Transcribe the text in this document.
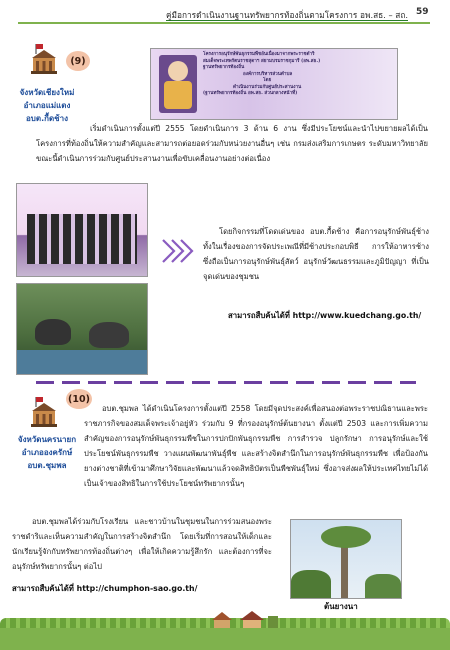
คู่มือการดำเนินงานฐานทรัพยากรท้องถิ่นตามโครงการ อพ.สธ. – สถ. 59
(9)
จังหวัดเชียงใหม่
อำเภอแม่แตง
อบต.กื้ดช้าง
โครงการอนุรักษ์พันธุกรรมพืชอันเนื่องมาจากพระราชดำริ
สมเด็จพระเทพรัตนราชสุดาฯ สยามบรมราชกุมารี (อพ.สธ.)
ฐานทรัพยากรท้องถิ่น
องค์การบริหารส่วนตำบล
โดย
ดำเนินงานร่วมกับศูนย์ประสานงาน
(ฐานทรัพยากรท้องถิ่น อพ.สธ. ส่วนกลางหน้าที่)
เริ่มดำเนินการตั้งแต่ปี 2555 โดยดำเนินการ 3 ด้าน 6 งาน ซึ่งมีประโยชน์และนำไปขยายผลได้เป็นโครงการที่ท้องถิ่นให้ความสำคัญและสามารถต่อยอดร่วมกับหน่วยงานอื่นๆ เช่น กรมส่งเสริมการเกษตร ระดับมหาวิทยาลัย ขณะนี้ดำเนินการร่วมกับศูนย์ประสานงานเพื่อขับเคลื่อนงานอย่างต่อเนื่อง
โดยกิจกรรมที่โดดเด่นของ อบต.กื้ดช้าง คือการอนุรักษ์พันธุ์ช้าง ทั้งในเรื่องของการจัดประเพณีที่มีช้างประกอบพิธี การให้อาหารช้าง ซึ่งถือเป็นการอนุรักษ์พันธุ์สัตว์ อนุรักษ์วัฒนธรรมและภูมิปัญญา ที่เป็นจุดเด่นของชุมชน
สามารถสืบค้นได้ที่ http://www.kuedchang.go.th/
(10)
จังหวัดนครนายก
อำเภอองครักษ์
อบต.ชุมพล
อบต.ชุมพล ได้ดำเนินโครงการตั้งแต่ปี 2558 โดยมีจุดประสงค์เพื่อสนองต่อพระราชปณิธานและพระราชภารกิจของสมเด็จพระเจ้าอยู่หัว ร่วมกับ 9 ที่กรองอนุรักษ์ต้นยางนา ตั้งแต่ปี 2503 และการเพิ่มความสำคัญของการอนุรักษ์พันธุกรรมพืชในการปกปักพันธุกรรมพืช การสำรวจ ปลูกรักษา การอนุรักษ์และใช้ประโยชน์พันธุกรรมพืช วางแผนพัฒนาพันธุ์พืช และสร้างจิตสำนึกในการอนุรักษ์พันธุกรรมพืช เพื่อป้องกันยางต่างชาติที่เข้ามาศึกษาวิจัยและพัฒนาแล้วจดสิทธิบัตรเป็นพืชพันธุ์ใหม่ ซึ่งอาจส่งผลให้ประเทศไทยไม่ได้เป็นเจ้าของสิทธิในการใช้ประโยชน์ทรัพยากรนั้นๆ
อบต.ชุมพลได้ร่วมกับโรงเรียน และชาวบ้านในชุมชนในการร่วมสนองพระราชดำริและเห็นความสำคัญในการสร้างจิตสำนึก โดยเริ่มที่การสอนให้เด็กและนักเรียนรู้จักกับทรัพยากรท้องถิ่นต่างๆ เพื่อให้เกิดความรู้สึกรัก และต้องการที่จะอนุรักษ์ทรัพยากรนั้นๆ ต่อไป
สามารถสืบค้นได้ที่ http://chumphon-sao.go.th/
ต้นยางนา
